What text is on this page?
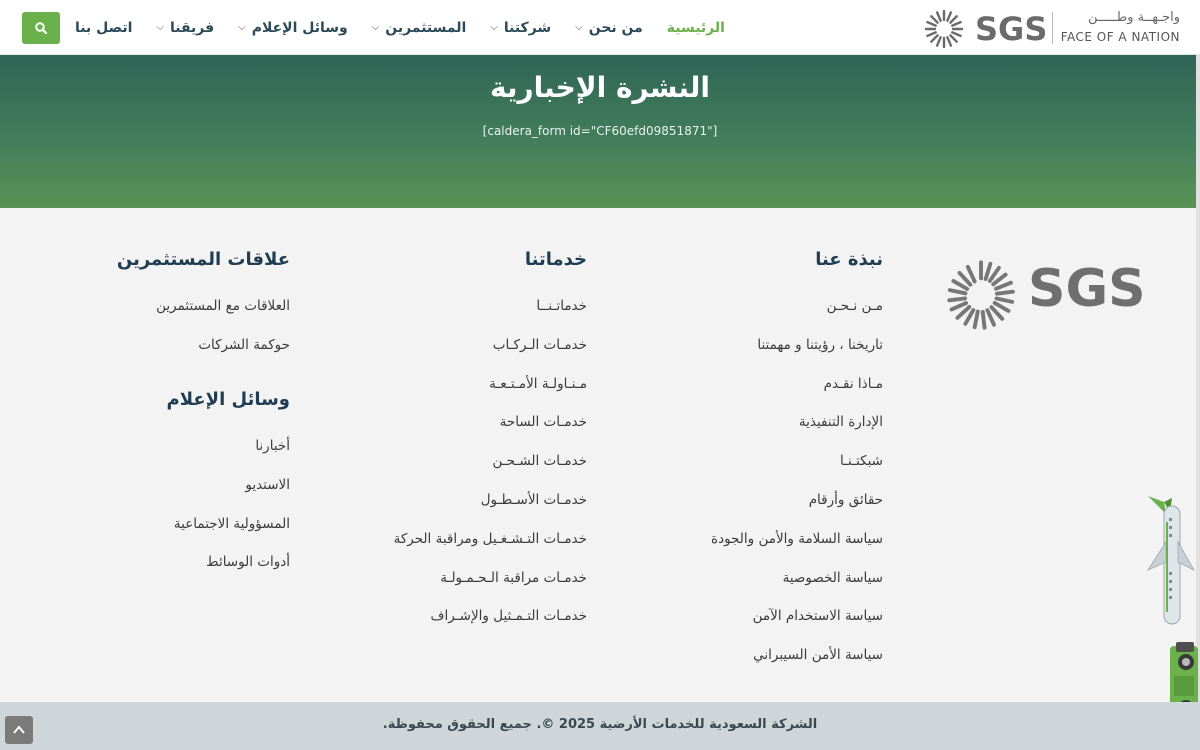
الرئيسية
من نحن
⌵
شركتنا
⌵
المستثمرين
⌵
وسائل الإعلام
⌵
فريقنا
⌵
اتصل بنا	SGS	واجـهــة وطـــــن
FACE OF A NATION
النشرة الإخبارية
[caldera_form id="CF60efd09851871"]
SGS
نبذة عنا
مـن نـحـن
تاريخنا ، رؤيتنا و مهمتنا
مـاذا نقـدم
الإدارة التنفيذية
شبكتـنـا
حقائق وأرقام
سياسة السلامة والأمن والجودة
سياسة الخصوصية
سياسة الاستخدام الآمن
سياسة الأمن السيبراني
خدماتنا
خدماتـنــا
خدمـات الـركـاب
مـنـاولـة الأمـتـعـة
خدمـات الساحة
خدمـات الشـحـن
خدمـات الأسـطـول
خدمـات التـشـغـيل ومراقبة الحركة
خدمـات مراقبة الـحـمـولـة
خدمـات التـمـثيل والإشـراف
علاقات المستثمرين
العلاقات مع المستثمرين
حوكمة الشركات
وسائل الإعلام
أخبارنا
الاستديو
المسؤولية الاجتماعية
أدوات الوسائط
الشركة السعودية للخدمات الأرضية 2025 ©. جميع الحقوق محفوظة.
